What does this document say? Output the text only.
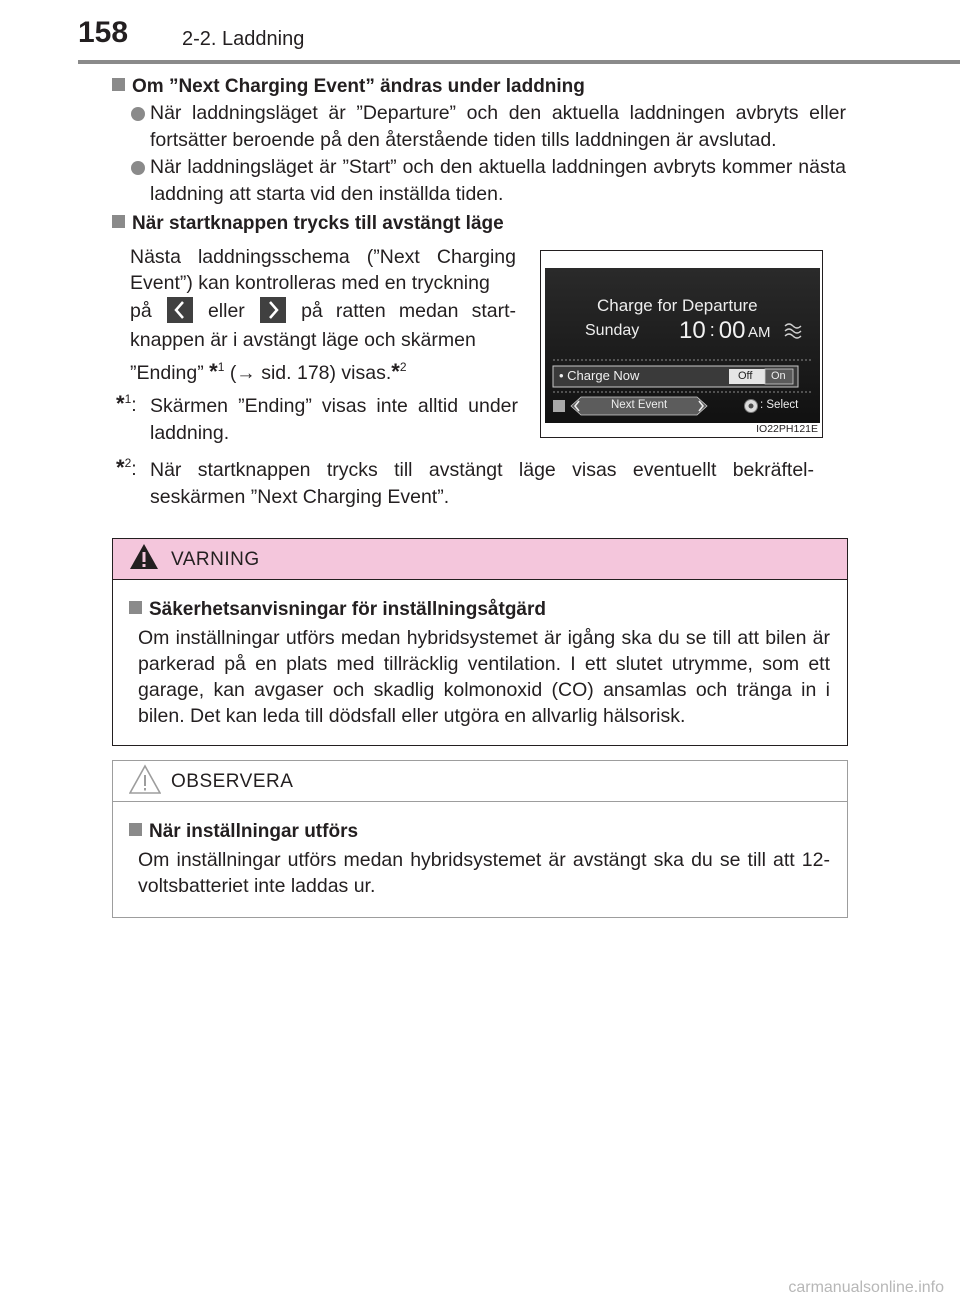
158	2-2. Laddning
Om ”Next Charging Event” ändras under laddning
När laddningsläget är ”Departure” och den aktuella laddningen avbryts eller fortsätter beroende på den återstående tiden tills laddningen är avslutad.
När laddningsläget är ”Start” och den aktuella laddningen avbryts kommer nästa laddning att starta vid den inställda tiden.
När startknappen trycks till avstängt läge
Nästa laddningsschema (”Next Charging Event”) kan kontrolleras med en tryckning
på	eller	på ratten medan start-knappen är i avstängt läge och skärmen
”Ending” *$^1$ (→ sid. 178) visas.*$^2$
*$^1$: Skärmen ”Ending” visas inte alltid under laddning.
*$^2$: När startknappen trycks till avstängt läge visas eventuellt bekräftel-seskärmen ”Next Charging Event”.
Charge for Departure
Sunday 10 : 00 AM
• Charge Now	Off On
Next Event	: Select
IO22PH121E
VARNING
Säkerhetsanvisningar för inställningsåtgärd
Om inställningar utförs medan hybridsystemet är igång ska du se till att bilen är parkerad på en plats med tillräcklig ventilation. I ett slutet utrymme, som ett garage, kan avgaser och skadlig kolmonoxid (CO) ansamlas och tränga in i bilen. Det kan leda till dödsfall eller utgöra en allvarlig hälsorisk.
OBSERVERA
När inställningar utförs
Om inställningar utförs medan hybridsystemet är avstängt ska du se till att 12-voltsbatteriet inte laddas ur.
carmanualsonline.info
